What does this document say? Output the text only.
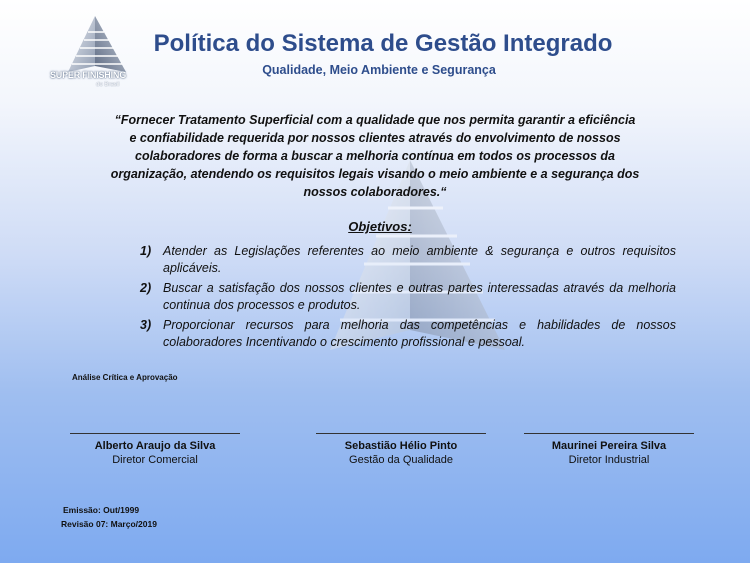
SUPER FINISHING
do Brasil
Política do Sistema de Gestão Integrado
Qualidade, Meio Ambiente e Segurança
“Fornecer Tratamento Superficial com a qualidade que nos permita garantir a eficiência
e confiabilidade requerida por nossos clientes através do envolvimento de nossos
colaboradores de forma a buscar a melhoria contínua em todos os processos da
organização, atendendo os requisitos legais visando o meio ambiente e a segurança dos
nossos colaboradores.“
Objetivos:
1) Atender as Legislações referentes ao meio ambiente & segurança e outros requisitos aplicáveis.
2) Buscar a satisfação dos nossos clientes e outras partes interessadas através da melhoria continua dos processos e produtos.
3) Proporcionar recursos para melhoria das competências e habilidades de nossos colaboradores Incentivando o crescimento profissional e pessoal.
Análise Crítica e Aprovação
Alberto Araujo da Silva
Diretor Comercial
Sebastião Hélio Pinto
Gestão da Qualidade
Maurinei Pereira Silva
Diretor Industrial
Emissão: Out/1999
Revisão 07: Março/2019
